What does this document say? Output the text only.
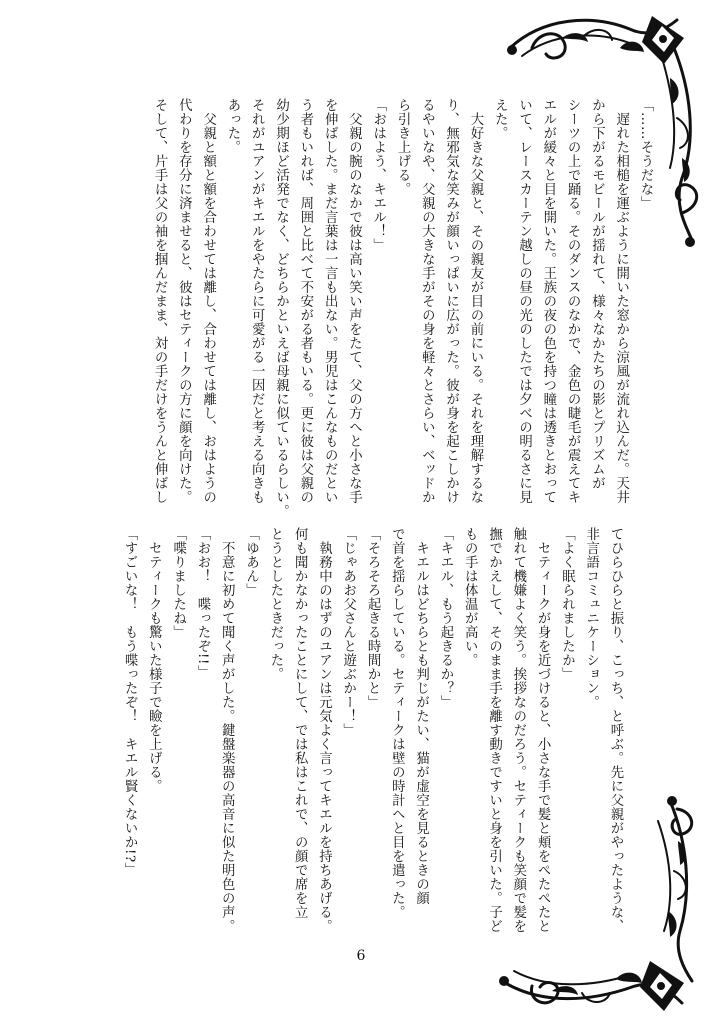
「……そうだな」

　遅れた相槌を運ぶように開いた窓から涼風が流れ込んだ。天井

から下がるモビールが揺れて、様々なかたちの影とプリズムが

シーツの上で踊る。そのダンスのなかで、金色の睫毛が震えてキ

エルが緩々と目を開いた。王族の夜の色を持つ瞳は透きとおって

いて、レースカーテン越しの昼の光のしたでは夕べの明るさに見

えた。

　大好きな父親と、その親友が目の前にいる。それを理解するな

り、無邪気な笑みが顔いっぱいに広がった。彼が身を起こしかけ

るやいなや、父親の大きな手がその身を軽々とさらい、ベッドか

ら引き上げる。

「おはよう、キエル！」

　父親の腕のなかで彼は高い笑い声をたて、父の方へと小さな手

を伸ばした。まだ言葉は一言も出ない。男児はこんなものだとい

う者もいれば、周囲と比べて不安がる者もいる。更に彼は父親の

幼少期ほど活発でなく、どちらかといえば母親に似ているらしい。

それがユアンがキエルをやたらに可愛がる一因だと考える向きも

あった。

　父親と額と額を合わせては離し、合わせては離し、おはようの

代わりを存分に済ませると、彼はセティークの方に顔を向けた。

そして、片手は父の袖を掴んだまま、対の手だけをうんと伸ばし

てひらひらと振り、こっち、と呼ぶ。先に父親がやったような、

非言語コミュニケーション。

「よく眠られましたか」

　セティークが身を近づけると、小さな手で髪と頬をぺたぺたと

触れて機嫌よく笑う。挨拶なのだろう。セティークも笑顔で髪を

撫でかえして、そのまま手を離す動きですいと身を引いた。子ど

もの手は体温が高い。

「キエル、もう起きるか？」

　キエルはどちらとも判じがたい、猫が虚空を見るときの顔

で首を揺らしている。セティークは壁の時計へと目を遣った。

「そろそろ起きる時間かと」

「じゃあお父さんと遊ぶかー！」

　執務中のはずのユアンは元気よく言ってキエルを持ちあげる。

何も聞かなかったことにして、では私はこれで、の顔で席を立

とうとしたときだった。

「ゆあん」

　不意に初めて聞く声がした。鍵盤楽器の高音に似た明色の声。

「おお！　喋ったぞ!!」

「喋りましたね」

　セティークも驚いた様子で瞼を上げる。

「すごいな！　もう喋ったぞ！　キエル賢くないか!?」

6
